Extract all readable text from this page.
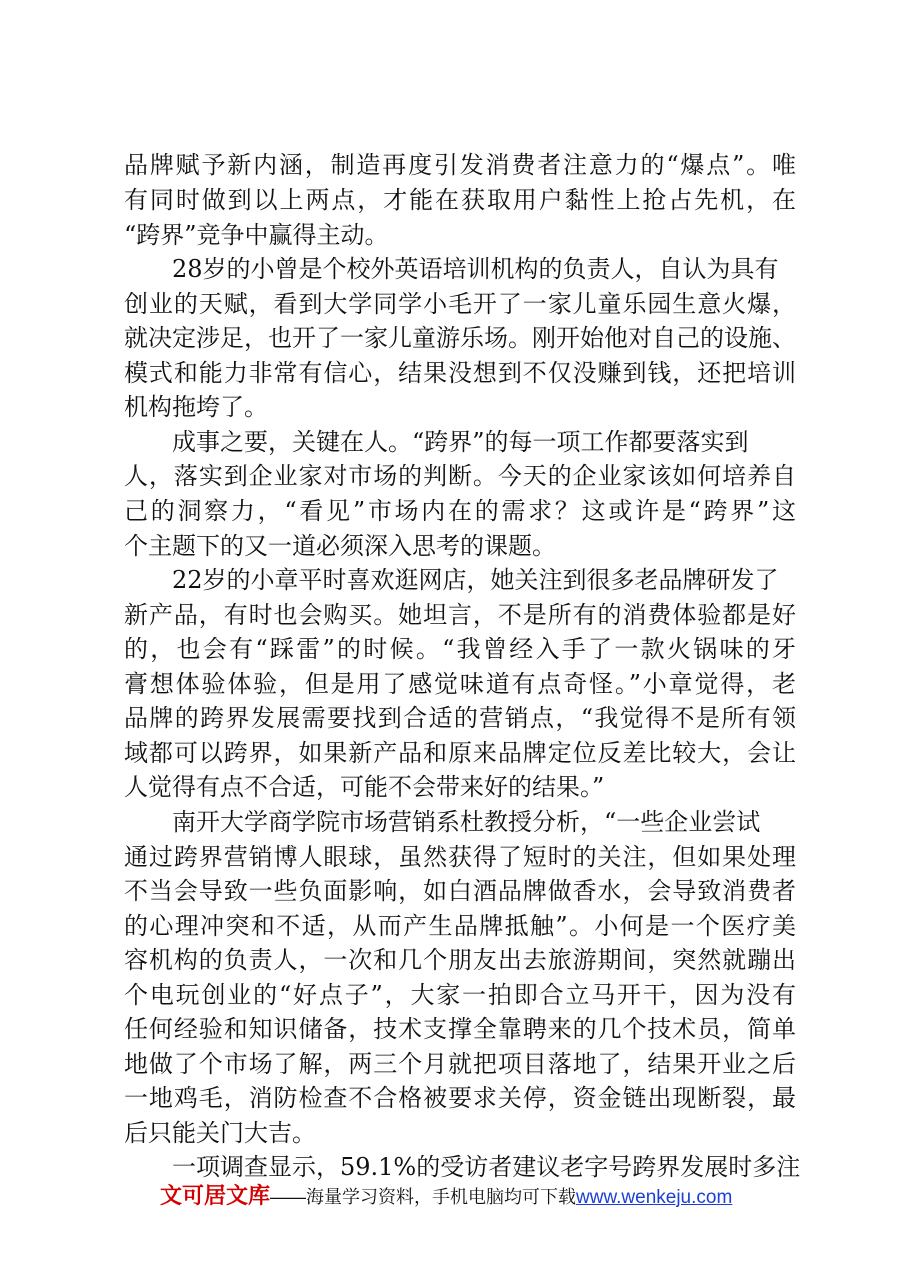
品牌赋予新内涵，制造再度引发消费者注意力的“爆点”。唯
有同时做到以上两点，才能在获取用户黏性上抢占先机，在
“跨界”竞争中赢得主动。
28岁的小曾是个校外英语培训机构的负责人，自认为具有
创业的天赋，看到大学同学小毛开了一家儿童乐园生意火爆，
就决定涉足，也开了一家儿童游乐场。刚开始他对自己的设施、
模式和能力非常有信心，结果没想到不仅没赚到钱，还把培训
机构拖垮了。
成事之要，关键在人。“跨界”的每一项工作都要落实到
人，落实到企业家对市场的判断。今天的企业家该如何培养自
己的洞察力，“看见”市场内在的需求？这或许是“跨界”这
个主题下的又一道必须深入思考的课题。
22岁的小章平时喜欢逛网店，她关注到很多老品牌研发了
新产品，有时也会购买。她坦言，不是所有的消费体验都是好
的，也会有“踩雷”的时候。“我曾经入手了一款火锅味的牙
膏想体验体验，但是用了感觉味道有点奇怪。”小章觉得，老
品牌的跨界发展需要找到合适的营销点，“我觉得不是所有领
域都可以跨界，如果新产品和原来品牌定位反差比较大，会让
人觉得有点不合适，可能不会带来好的结果。”
南开大学商学院市场营销系杜教授分析，“一些企业尝试
通过跨界营销博人眼球，虽然获得了短时的关注，但如果处理
不当会导致一些负面影响，如白酒品牌做香水，会导致消费者
的心理冲突和不适，从而产生品牌抵触”。小何是一个医疗美
容机构的负责人，一次和几个朋友出去旅游期间，突然就蹦出
个电玩创业的“好点子”，大家一拍即合立马开干，因为没有
任何经验和知识储备，技术支撑全靠聘来的几个技术员，简单
地做了个市场了解，两三个月就把项目落地了，结果开业之后
一地鸡毛，消防检查不合格被要求关停，资金链出现断裂，最
后只能关门大吉。
一项调查显示，59.1%的受访者建议老字号跨界发展时多注
文可居文库——海量学习资料，手机电脑均可下载www.wenkeju.com
